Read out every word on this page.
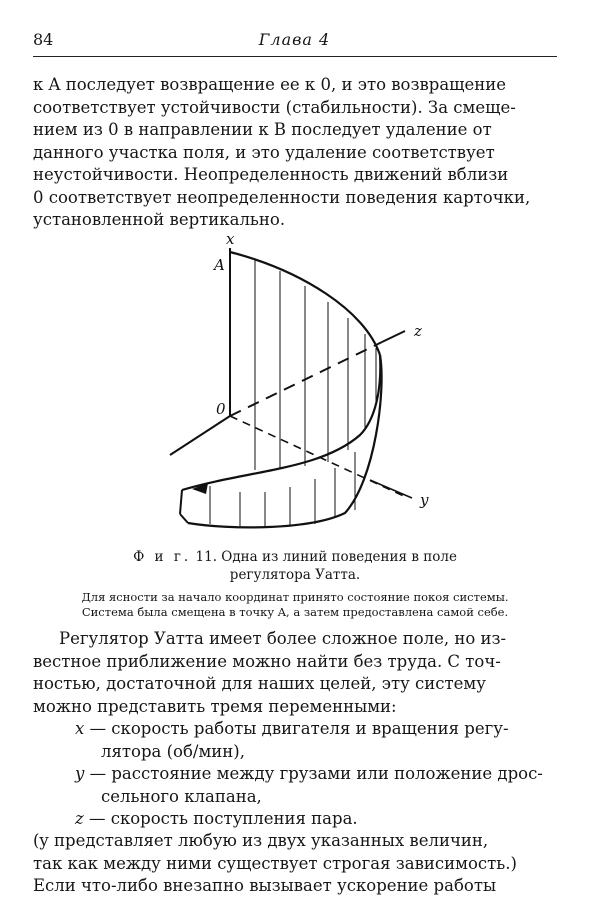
84	Глава 4

к A последует возвращение ее к 0, и это возвращение
соответствует устойчивости (стабильности). За смеще-
нием из 0 в направлении к B последует удаление от
данного участка поля, и это удаление соответствует
неустойчивости. Неопределенность движений вблизи
0 соответствует неопределенности поведения карточки,
установленной вертикально.

x
A
0
z
y
Ф и г. 11. Одна из линий поведения в поле
регулятора Уатта.
Для ясности за начало координат принято состояние покоя системы.
Система была смещена в точку A, а затем предоставлена самой себе.

Регулятор Уатта имеет более сложное поле, но из-
вестное приближение можно найти без труда. С точ-
ностью, достаточной для наших целей, эту систему
можно представить тремя переменными:

x — скорость работы двигателя и вращения регу-
лятора (об/мин),
y — расстояние между грузами или положение дрос-
сельного клапана,
z — скорость поступления пара.

(y представляет любую из двух указанных величин,
так как между ними существует строгая зависимость.)
Если что-либо внезапно вызывает ускорение работы
